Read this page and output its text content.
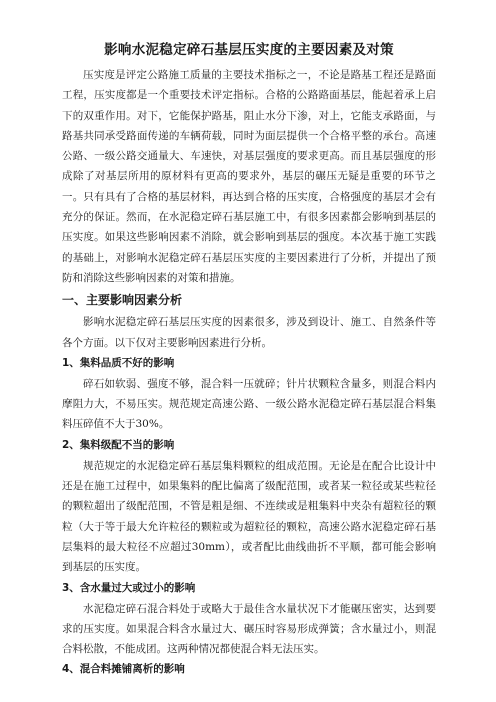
影响水泥稳定碎石基层压实度的主要因素及对策

压实度是评定公路施工质量的主要技术指标之一，不论是路基工程还是路面工程，压实度都是一个重要技术评定指标。合格的公路路面基层，能起着承上启下的双重作用。对下，它能保护路基，阻止水分下渗，对上，它能支承路面，与路基共同承受路面传递的车辆荷载，同时为面层提供一个合格平整的承台。高速公路、一级公路交通量大、车速快，对基层强度的要求更高。而且基层强度的形成除了对基层所用的原材料有更高的要求外，基层的碾压无疑是重要的环节之一。只有具有了合格的基层材料，再达到合格的压实度，合格强度的基层才会有充分的保证。然而，在水泥稳定碎石基层施工中，有很多因素都会影响到基层的压实度。如果这些影响因素不消除，就会影响到基层的强度。本次基于施工实践的基础上，对影响水泥稳定碎石基层压实度的主要因素进行了分析，并提出了预防和消除这些影响因素的对策和措施。

一、主要影响因素分析

影响水泥稳定碎石基层压实度的因素很多，涉及到设计、施工、自然条件等各个方面。以下仅对主要影响因素进行分析。

1、集料品质不好的影响

碎石如软弱、强度不够，混合料一压就碎；针片状颗粒含量多，则混合料内摩阻力大，不易压实。规范规定高速公路、一级公路水泥稳定碎石基层混合料集料压碎值不大于30%。

2、集料级配不当的影响

规范规定的水泥稳定碎石基层集料颗粒的组成范围。无论是在配合比设计中还是在施工过程中，如果集料的配比偏离了级配范围，或者某一粒径或某些粒径的颗粒超出了级配范围，不管是粗是细、不连续或是粗集料中夹杂有超粒径的颗粒（大于等于最大允许粒径的颗粒或为超粒径的颗粒，高速公路水泥稳定碎石基层集料的最大粒径不应超过30mm），或者配比曲线曲折不平顺，都可能会影响到基层的压实度。

3、含水量过大或过小的影响

水泥稳定碎石混合料处于或略大于最佳含水量状况下才能碾压密实，达到要求的压实度。如果混合料含水量过大、碾压时容易形成弹簧；含水量过小，则混合料松散，不能成团。这两种情况都使混合料无法压实。

4、混合料摊铺离析的影响
